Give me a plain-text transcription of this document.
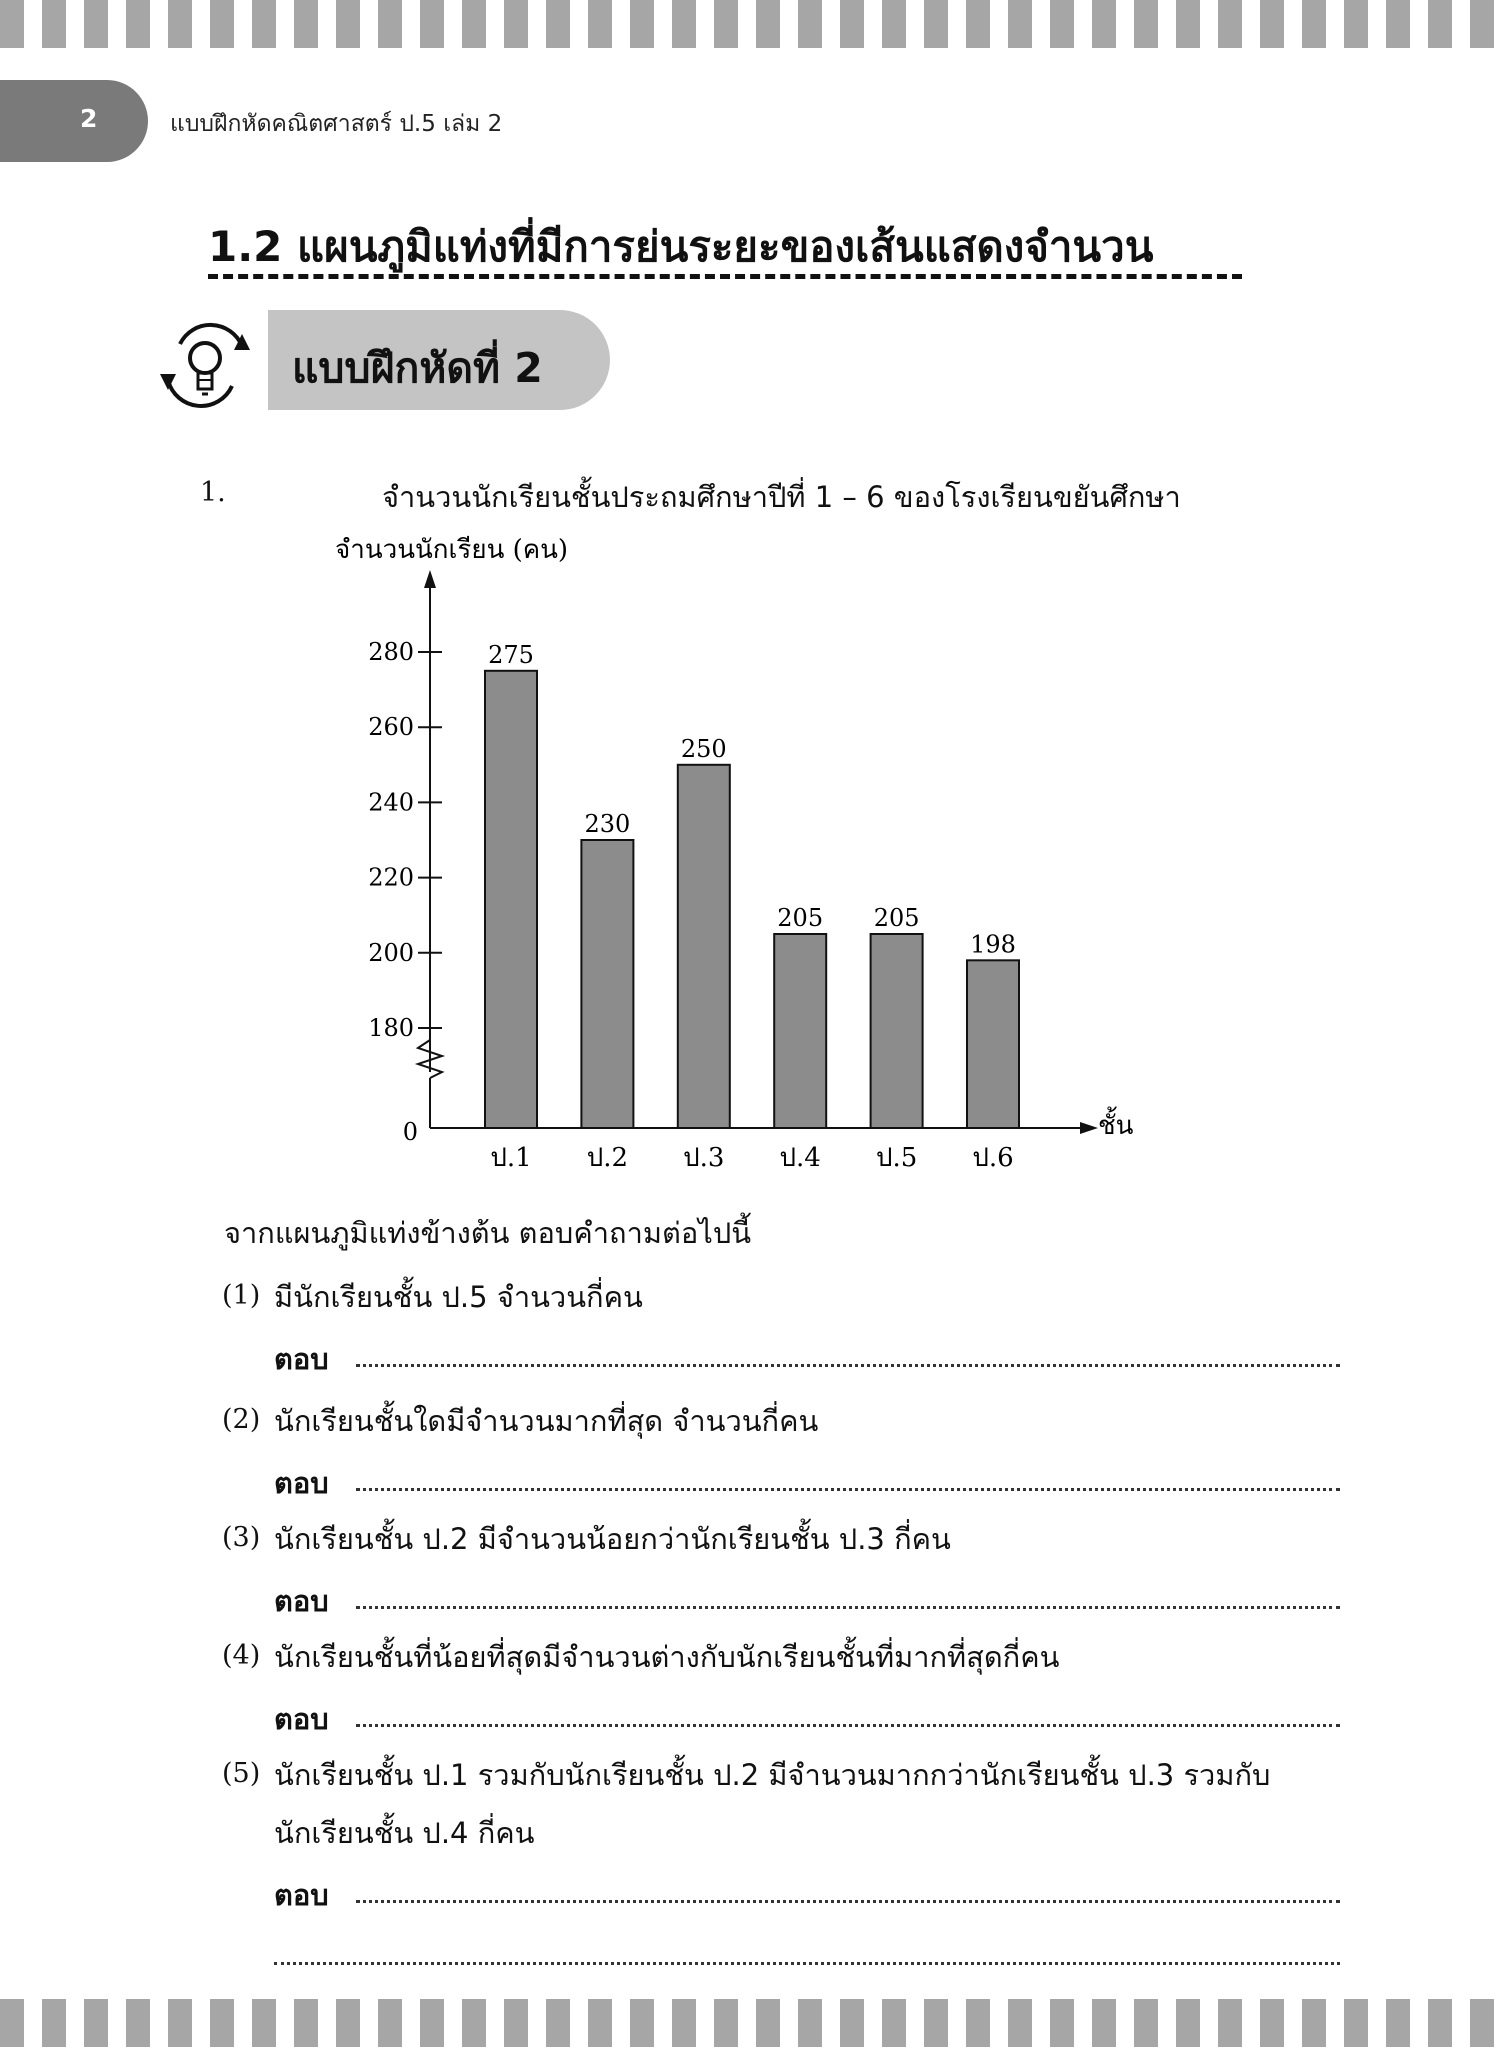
2	แบบฝึกหัดคณิตศาสตร์ ป.5 เล่ม 2
1.2 แผนภูมิแท่งที่มีการย่นระยะของเส้นแสดงจำนวน
แบบฝึกหัดที่ 2
1.	จำนวนนักเรียนชั้นประถมศึกษาปีที่ 1 – 6 ของโรงเรียนขยันศึกษา
จำนวนนักเรียน (คน)
ชั้น
0
180
200
220
240
260
280	275
ป.1
230
ป.2
250
ป.3
205
ป.4
205
ป.5
198
ป.6
จากแผนภูมิแท่งข้างต้น ตอบคำถามต่อไปนี้
(1) มีนักเรียนชั้น ป.5 จำนวนกี่คน
ตอบ
(2) นักเรียนชั้นใดมีจำนวนมากที่สุด จำนวนกี่คน
ตอบ
(3) นักเรียนชั้น ป.2 มีจำนวนน้อยกว่านักเรียนชั้น ป.3 กี่คน
ตอบ
(4) นักเรียนชั้นที่น้อยที่สุดมีจำนวนต่างกับนักเรียนชั้นที่มากที่สุดกี่คน
ตอบ
(5) นักเรียนชั้น ป.1 รวมกับนักเรียนชั้น ป.2 มีจำนวนมากกว่านักเรียนชั้น ป.3 รวมกับ
นักเรียนชั้น ป.4 กี่คน
ตอบ
